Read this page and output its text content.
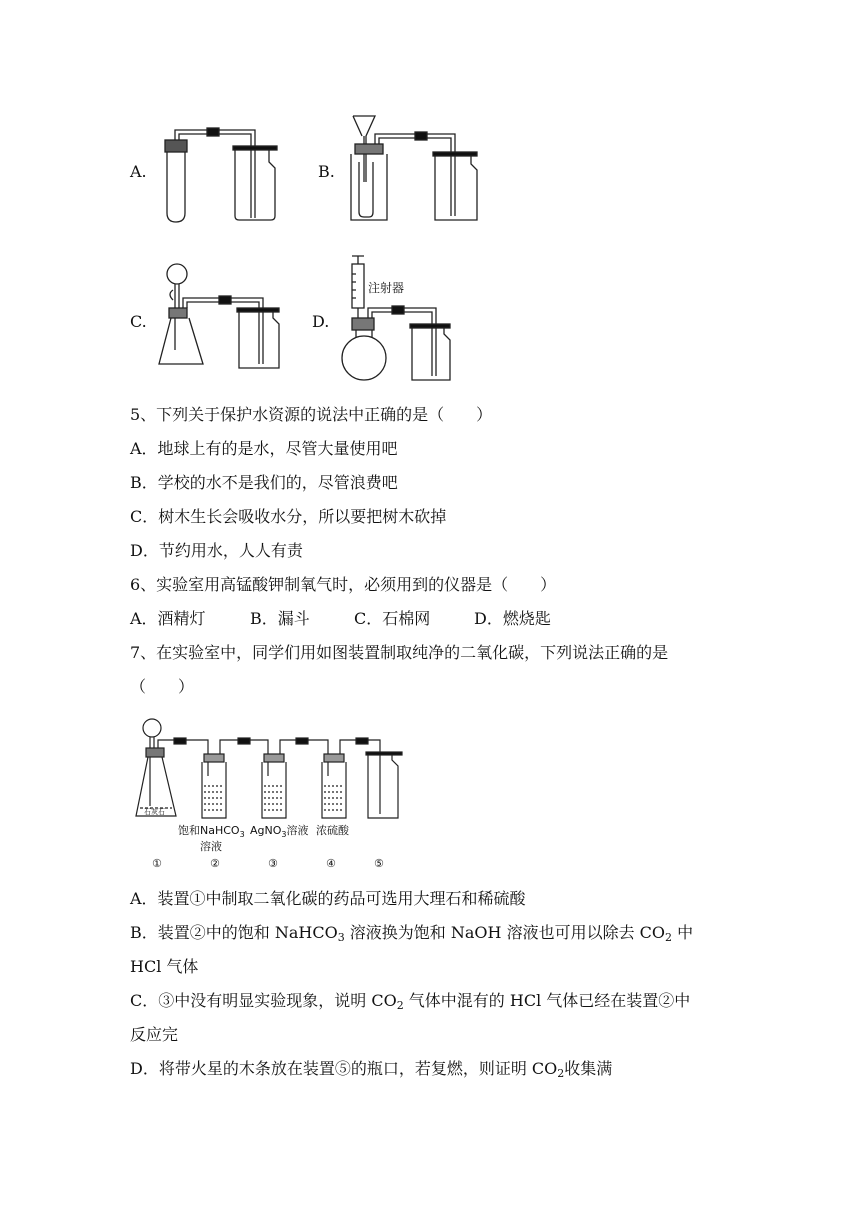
A.	B.
C.	D.
注射器
5、下列关于保护水资源的说法中正确的是（　　）
A．地球上有的是水，尽管大量使用吧
B．学校的水不是我们的，尽管浪费吧
C．树木生长会吸收水分，所以要把树木砍掉
D．节约用水，人人有责
6、实验室用高锰酸钾制氧气时，必须用到的仪器是（　　）
A．酒精灯	B．漏斗	C．石棉网	D．燃烧匙
7、在实验室中，同学们用如图装置制取纯净的二氧化碳，下列说法正确的是
（　　）
石灰石
饱和NaHCO$_3$
溶液
AgNO$_3$溶液 浓硫酸
①	②	③	④	⑤
A．装置①中制取二氧化碳的药品可选用大理石和稀硫酸
B．装置②中的饱和 NaHCO$_3$ 溶液换为饱和 NaOH 溶液也可用以除去 $CO_2$ 中
HCl 气体
C．③中没有明显实验现象，说明 $CO_2$ 气体中混有的 HCl 气体已经在装置②中
反应完
D．将带火星的木条放在装置⑤的瓶口，若复燃，则证明 $CO_2$收集满
